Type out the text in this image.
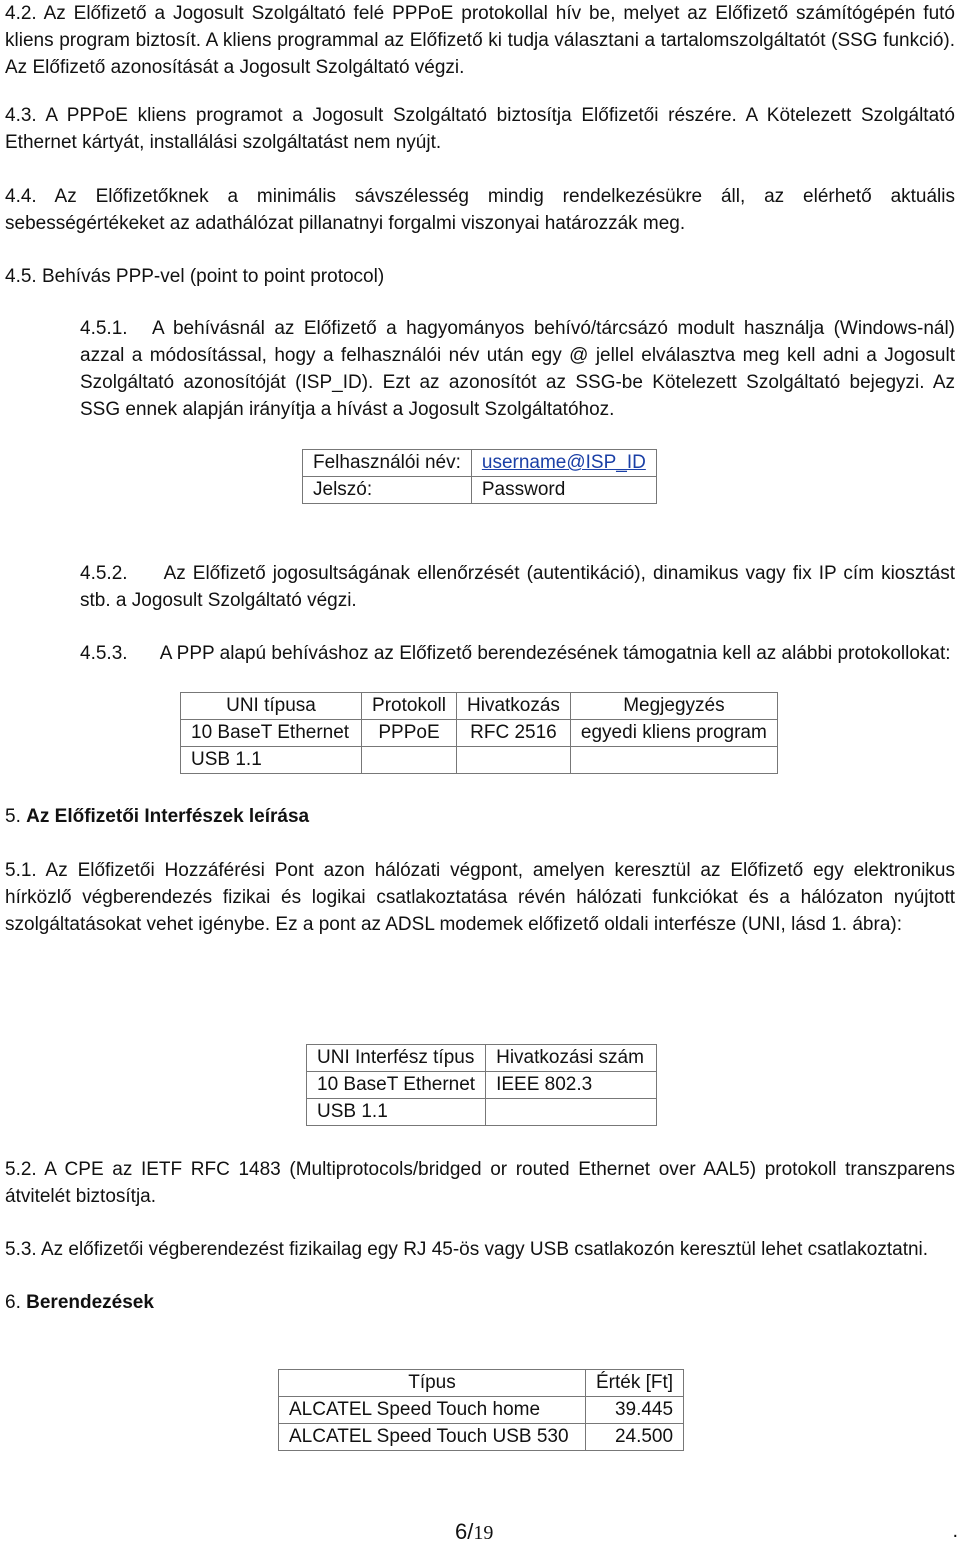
4.2. Az Előfizető a Jogosult Szolgáltató felé PPPoE protokollal hív be, melyet az Előfizető számítógépén futó kliens program biztosít. A kliens programmal az Előfizető ki tudja választani a tartalomszolgáltatót (SSG funkció). Az Előfizető azonosítását a Jogosult Szolgáltató végzi.

4.3. A PPPoE kliens programot a Jogosult Szolgáltató biztosítja Előfizetői részére. A Kötelezett Szolgáltató Ethernet kártyát, installálási szolgáltatást nem nyújt.

4.4. Az Előfizetőknek a minimális sávszélesség mindig rendelkezésükre áll, az elérhető aktuális sebességértékeket az adathálózat pillanatnyi forgalmi viszonyai határozzák meg.

4.5. Behívás PPP-vel (point to point protocol)

4.5.1. A behívásnál az Előfizető a hagyományos behívó/tárcsázó modult használja (Windows-nál) azzal a módosítással, hogy a felhasználói név után egy @ jellel elválasztva meg kell adni a Jogosult Szolgáltató azonosítóját (ISP_ID). Ezt az azonosítót az SSG-be Kötelezett Szolgáltató bejegyzi. Az SSG ennek alapján irányítja a hívást a Jogosult Szolgáltatóhoz.

Felhasználói név:	username@ISP_ID
Jelszó:	Password

4.5.2. Az Előfizető jogosultságának ellenőrzését (autentikáció), dinamikus vagy fix IP cím kiosztást stb. a Jogosult Szolgáltató végzi.

4.5.3. A PPP alapú behíváshoz az Előfizető berendezésének támogatnia kell az alábbi protokollokat:

UNI típusa	Protokoll	Hivatkozás	Megjegyzés
10 BaseT Ethernet	PPPoE	RFC 2516	egyedi kliens program
USB 1.1			

5. Az Előfizetői Interfészek leírása

5.1. Az Előfizetői Hozzáférési Pont azon hálózati végpont, amelyen keresztül az Előfizető egy elektronikus hírközlő végberendezés fizikai és logikai csatlakoztatása révén hálózati funkciókat és a hálózaton nyújtott szolgáltatásokat vehet igénybe. Ez a pont az ADSL modemek előfizető oldali interfésze (UNI, lásd 1. ábra):

UNI Interfész típus	Hivatkozási szám
10 BaseT Ethernet	IEEE 802.3
USB 1.1	

5.2. A CPE az IETF RFC 1483 (Multiprotocols/bridged or routed Ethernet over AAL5) protokoll transzparens átvitelét biztosítja.

5.3. Az előfizetői végberendezést fizikailag egy RJ 45-ös vagy USB csatlakozón keresztül lehet csatlakoztatni.

6. Berendezések

Típus	Érték [Ft]
ALCATEL Speed Touch home	39.445
ALCATEL Speed Touch USB 530	24.500
6/19	.
